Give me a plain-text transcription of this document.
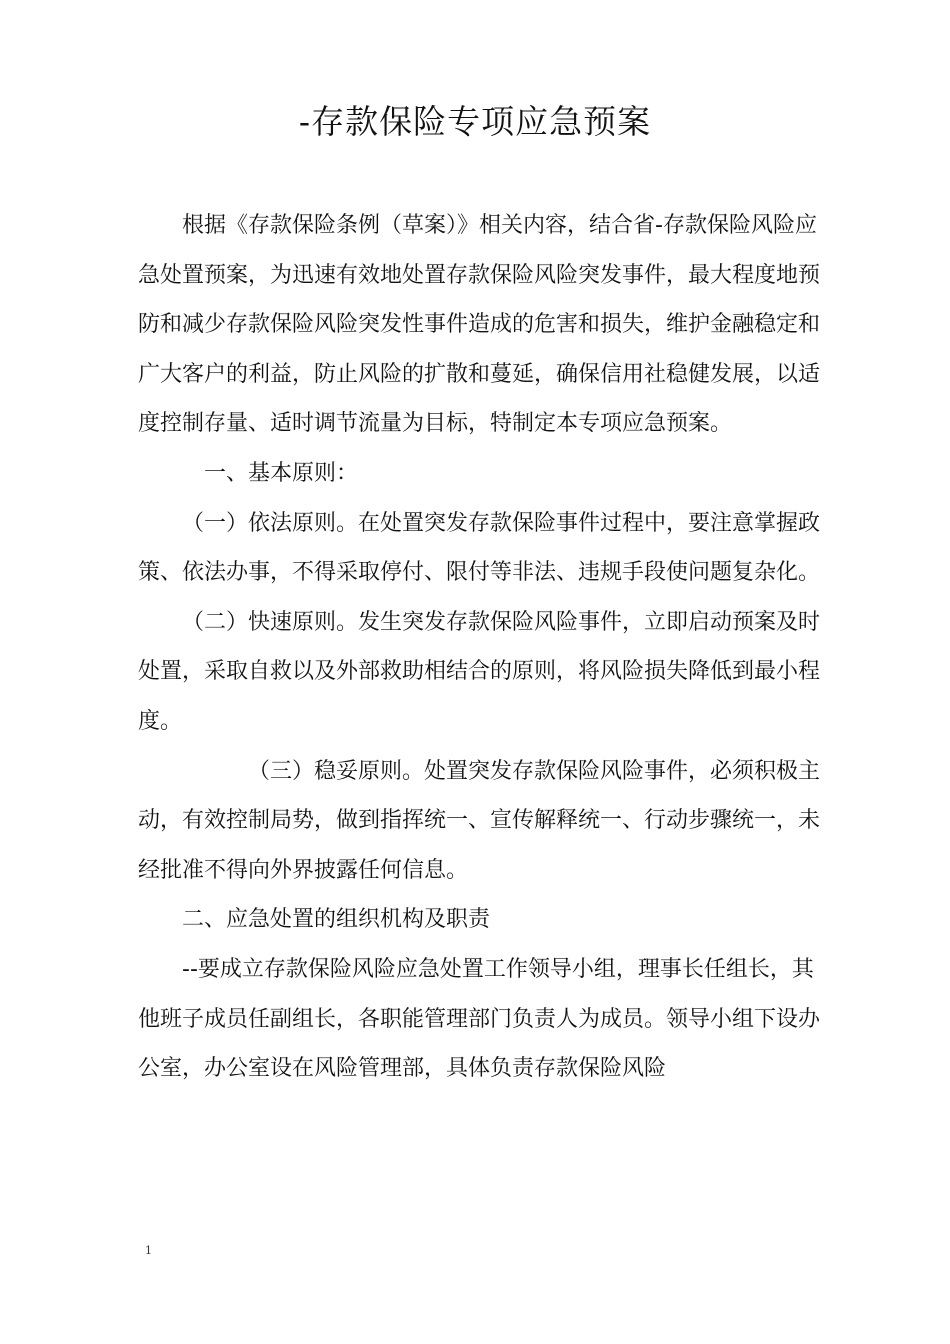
-存款保险专项应急预案

根据《存款保险条例（草案）》相关内容，结合省-存款保险风险应急处置预案，为迅速有效地处置存款保险风险突发事件，最大程度地预防和减少存款保险风险突发性事件造成的危害和损失，维护金融稳定和广大客户的利益，防止风险的扩散和蔓延，确保信用社稳健发展，以适度控制存量、适时调节流量为目标，特制定本专项应急预案。

一、基本原则：

（一）依法原则。在处置突发存款保险事件过程中，要注意掌握政策、依法办事，不得采取停付、限付等非法、违规手段使问题复杂化。

（二）快速原则。发生突发存款保险风险事件，立即启动预案及时处置，采取自救以及外部救助相结合的原则，将风险损失降低到最小程度。

（三）稳妥原则。处置突发存款保险风险事件，必须积极主动，有效控制局势，做到指挥统一、宣传解释统一、行动步骤统一，未经批准不得向外界披露任何信息。

二、应急处置的组织机构及职责

--要成立存款保险风险应急处置工作领导小组，理事长任组长，其他班子成员任副组长，各职能管理部门负责人为成员。领导小组下设办公室，办公室设在风险管理部，具体负责存款保险风险

1
